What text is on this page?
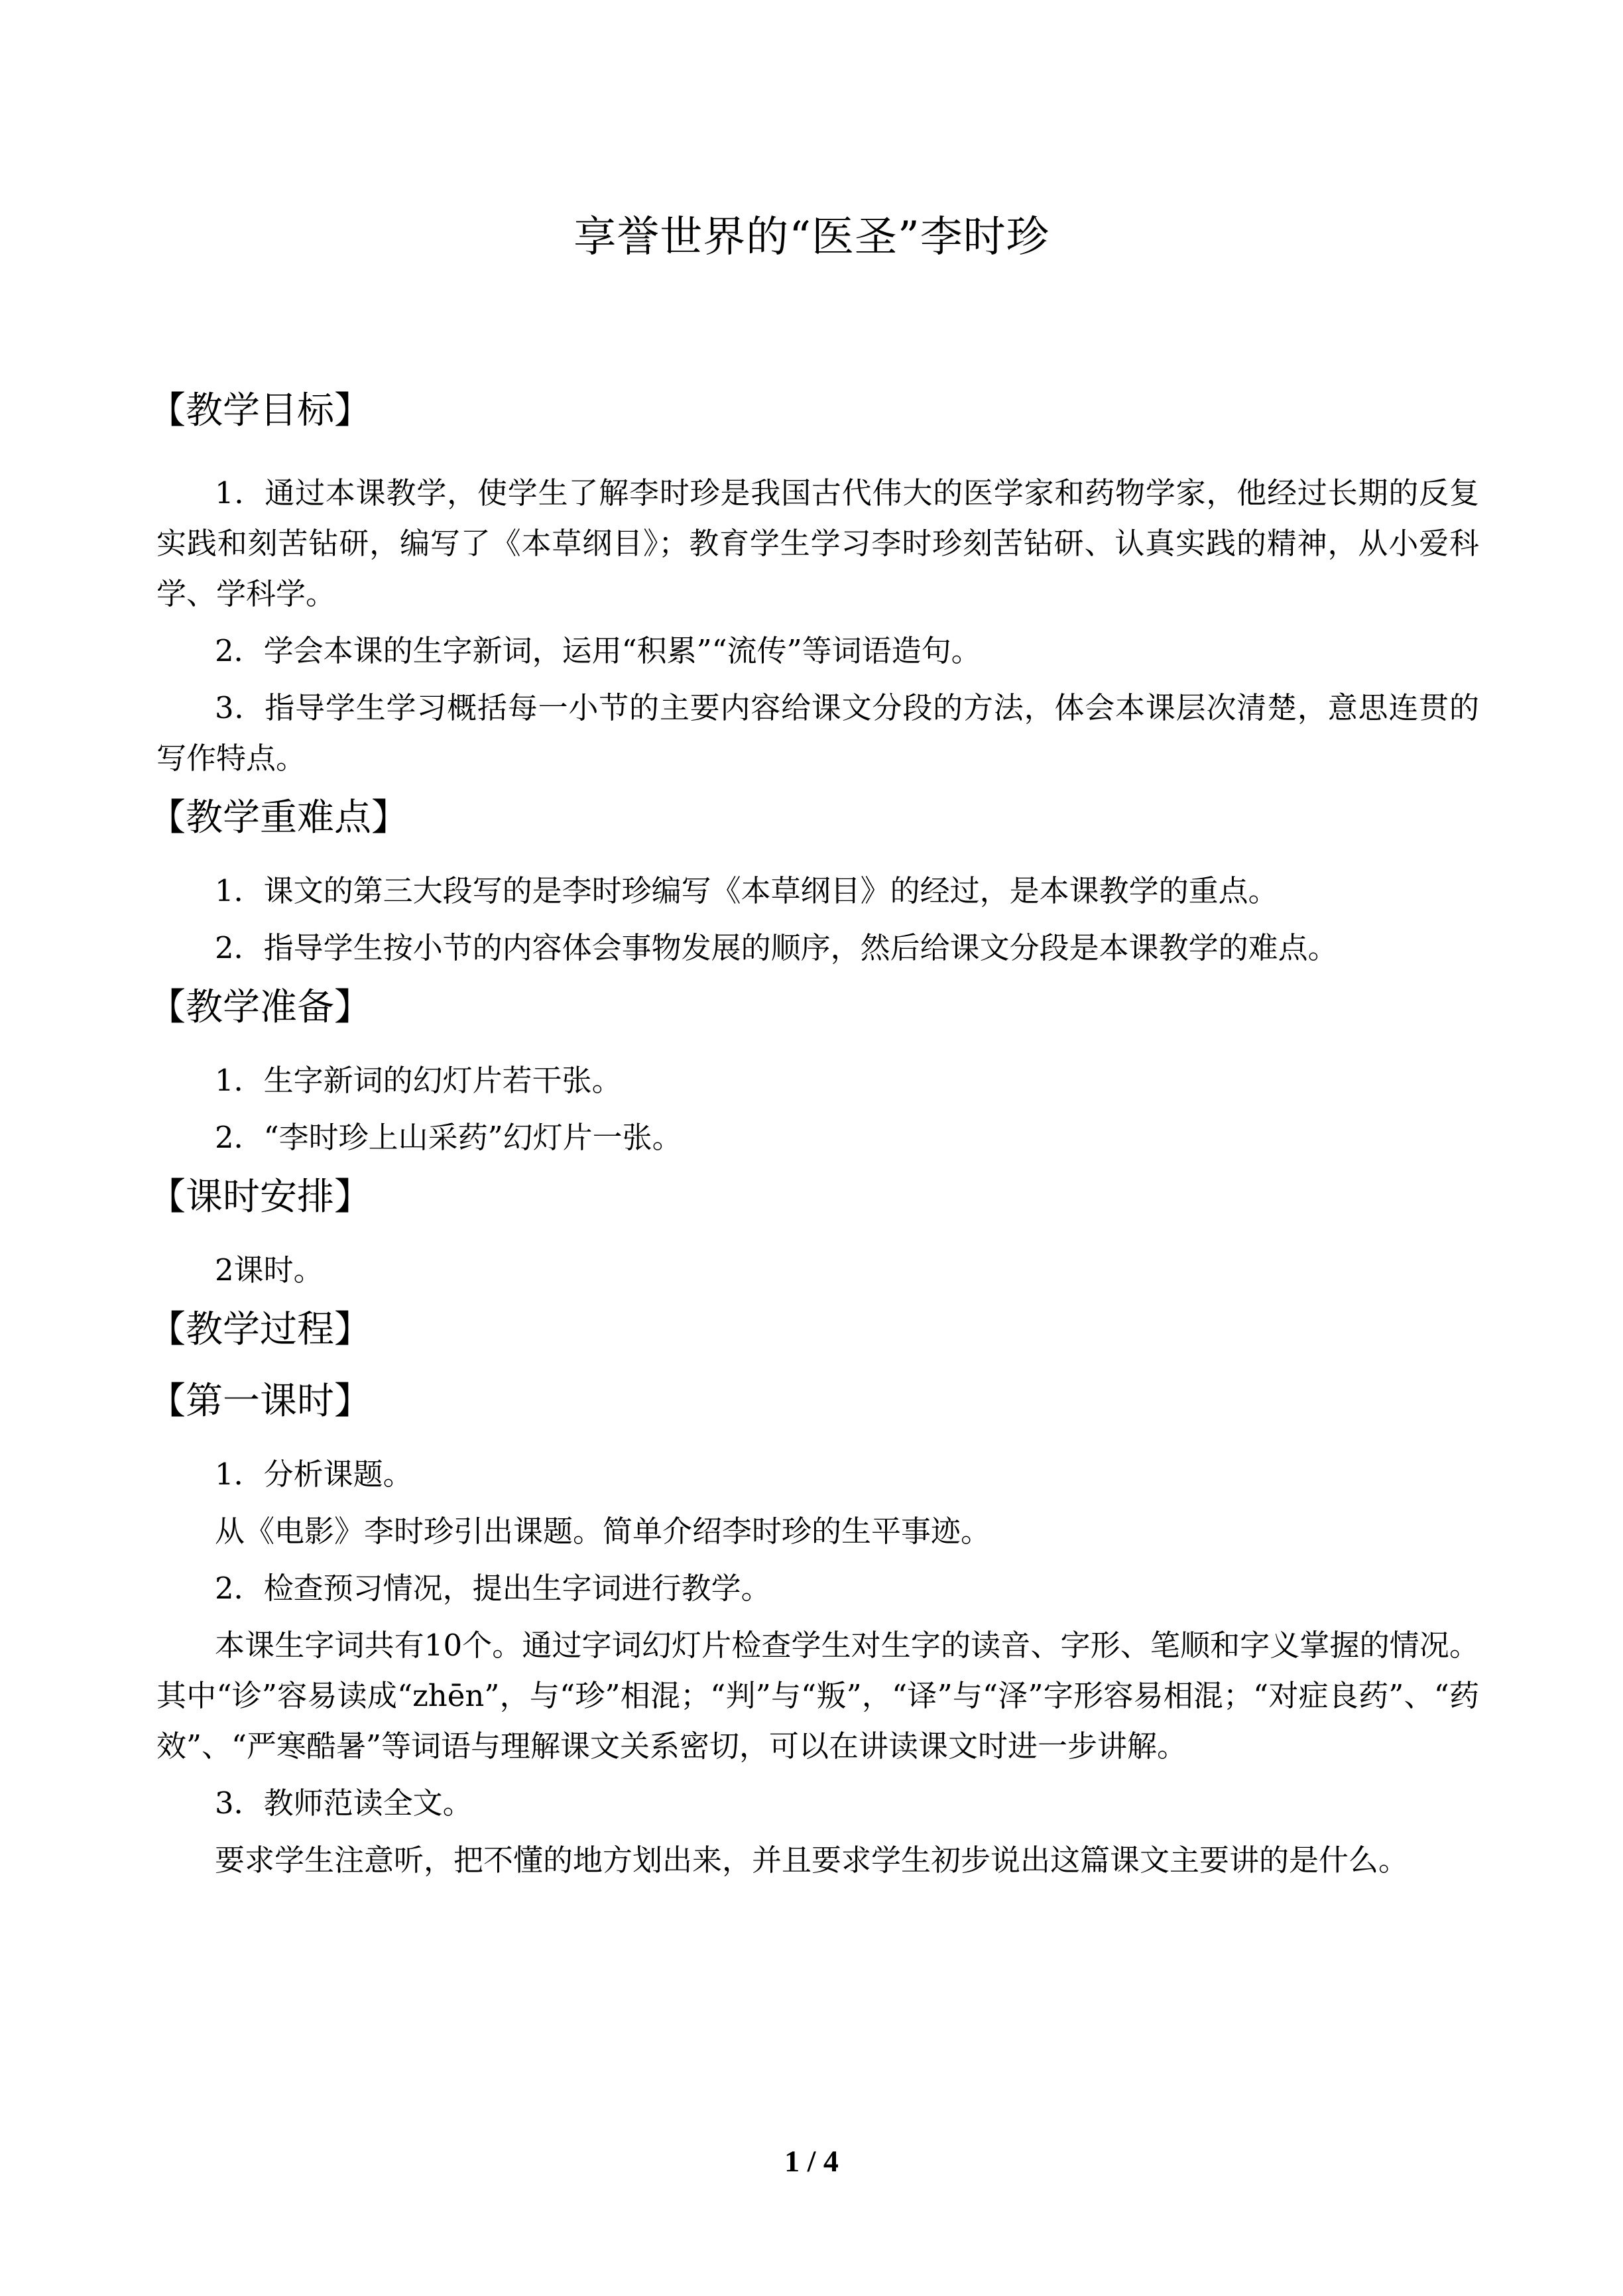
享誉世界的“医圣”李时珍
【教学目标】

1．通过本课教学，使学生了解李时珍是我国古代伟大的医学家和药物学家，他经过长期的反复实践和刻苦钻研，编写了《本草纲目》；教育学生学习李时珍刻苦钻研、认真实践的精神，从小爱科学、学科学。

2．学会本课的生字新词，运用“积累”“流传”等词语造句。

3．指导学生学习概括每一小节的主要内容给课文分段的方法，体会本课层次清楚，意思连贯的写作特点。

【教学重难点】

1．课文的第三大段写的是李时珍编写《本草纲目》的经过，是本课教学的重点。

2．指导学生按小节的内容体会事物发展的顺序，然后给课文分段是本课教学的难点。

【教学准备】

1．生字新词的幻灯片若干张。

2．“李时珍上山采药”幻灯片一张。

【课时安排】

2课时。

【教学过程】
【第一课时】

1．分析课题。

从《电影》李时珍引出课题。简单介绍李时珍的生平事迹。

2．检查预习情况，提出生字词进行教学。

本课生字词共有10个。通过字词幻灯片检查学生对生字的读音、字形、笔顺和字义掌握的情况。其中“诊”容易读成“zhēn”，与“珍”相混；“判”与“叛”，“译”与“泽”字形容易相混；“对症良药”、“药效”、“严寒酷暑”等词语与理解课文关系密切，可以在讲读课文时进一步讲解。

3．教师范读全文。

要求学生注意听，把不懂的地方划出来，并且要求学生初步说出这篇课文主要讲的是什么。

1 / 4
